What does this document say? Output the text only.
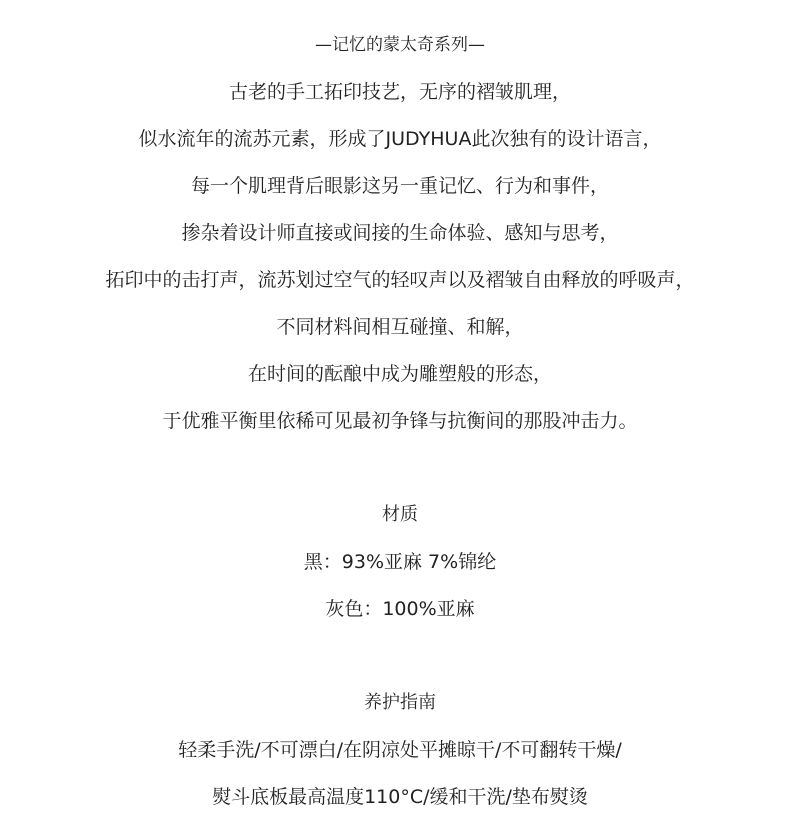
—记忆的蒙太奇系列—
古老的手工拓印技艺，无序的褶皱肌理，
似水流年的流苏元素，形成了JUDYHUA此次独有的设计语言，
每一个肌理背后眼影这另一重记忆、行为和事件，
掺杂着设计师直接或间接的生命体验、感知与思考，
拓印中的击打声，流苏划过空气的轻叹声以及褶皱自由释放的呼吸声，
不同材料间相互碰撞、和解，
在时间的酝酿中成为雕塑般的形态，
于优雅平衡里依稀可见最初争锋与抗衡间的那股冲击力。
材质
黑：93%亚麻 7%锦纶
灰色：100%亚麻
养护指南
轻柔手洗/不可漂白/在阴凉处平摊晾干/不可翻转干燥/
熨斗底板最高温度110°C/缓和干洗/垫布熨烫
